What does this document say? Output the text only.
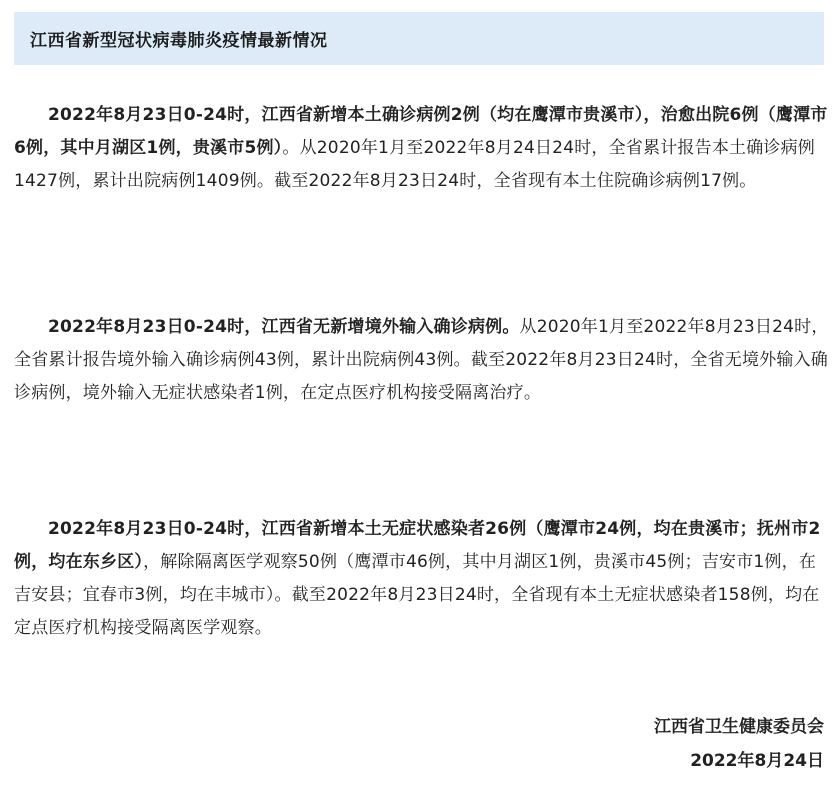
江西省新型冠状病毒肺炎疫情最新情况
2022年8月23日0-24时，江西省新增本土确诊病例2例（均在鹰潭市贵溪市），治愈出院6例（鹰潭市6例，其中月湖区1例，贵溪市5例）。从2020年1月至2022年8月24日24时，全省累计报告本土确诊病例1427例，累计出院病例1409例。截至2022年8月23日24时，全省现有本土住院确诊病例17例。
2022年8月23日0-24时，江西省无新增境外输入确诊病例。从2020年1月至2022年8月23日24时，全省累计报告境外输入确诊病例43例，累计出院病例43例。截至2022年8月23日24时，全省无境外输入确诊病例，境外输入无症状感染者1例，在定点医疗机构接受隔离治疗。
2022年8月23日0-24时，江西省新增本土无症状感染者26例（鹰潭市24例，均在贵溪市；抚州市2例，均在东乡区），解除隔离医学观察50例（鹰潭市46例，其中月湖区1例，贵溪市45例；吉安市1例，在吉安县；宜春市3例，均在丰城市）。截至2022年8月23日24时，全省现有本土无症状感染者158例，均在定点医疗机构接受隔离医学观察。
江西省卫生健康委员会
2022年8月24日
